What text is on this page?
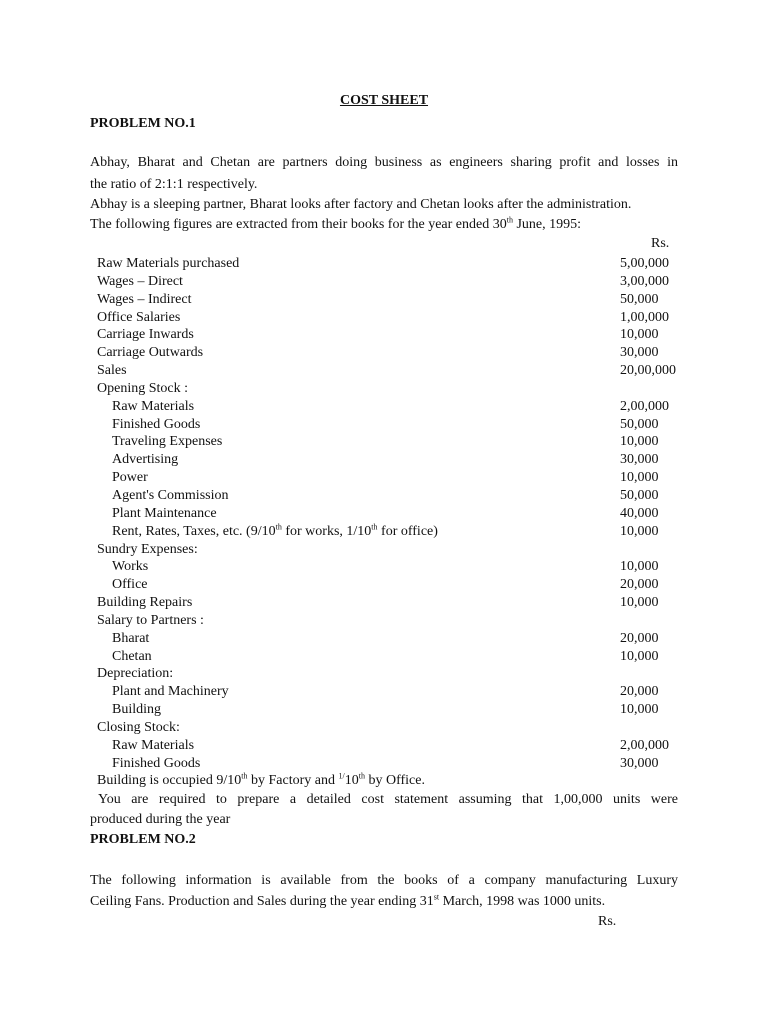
COST SHEET
PROBLEM NO.1
Abhay, Bharat and Chetan are partners doing business as engineers sharing profit and losses in
the ratio of 2:1:1 respectively.
Abhay is a sleeping partner, Bharat looks after factory and Chetan looks after the administration.
The following figures are extracted from their books for the year ended 30th June, 1995:
Rs.
Raw Materials purchased	5,00,000
Wages – Direct	3,00,000
Wages – Indirect	50,000
Office Salaries	1,00,000
Carriage Inwards	10,000
Carriage Outwards	30,000
Sales	20,00,000
Opening Stock :
Raw Materials	2,00,000
Finished Goods	50,000
Traveling Expenses	10,000
Advertising	30,000
Power	10,000
Agent's Commission	50,000
Plant Maintenance	40,000
Rent, Rates, Taxes, etc. (9/10th for works, 1/10th for office)	10,000
Sundry Expenses:
Works	10,000
Office	20,000
Building Repairs	10,000
Salary to Partners :
Bharat	20,000
Chetan	10,000
Depreciation:
Plant and Machinery	20,000
Building	10,000
Closing Stock:
Raw Materials	2,00,000
Finished Goods	30,000
Building is occupied 9/10th by Factory and $^{1/}$10th by Office.
You are required to prepare a detailed cost statement assuming that 1,00,000 units were
produced during the year
PROBLEM NO.2
The following information is available from the books of a company manufacturing Luxury
Ceiling Fans. Production and Sales during the year ending 31st March, 1998 was 1000 units.
Rs.
